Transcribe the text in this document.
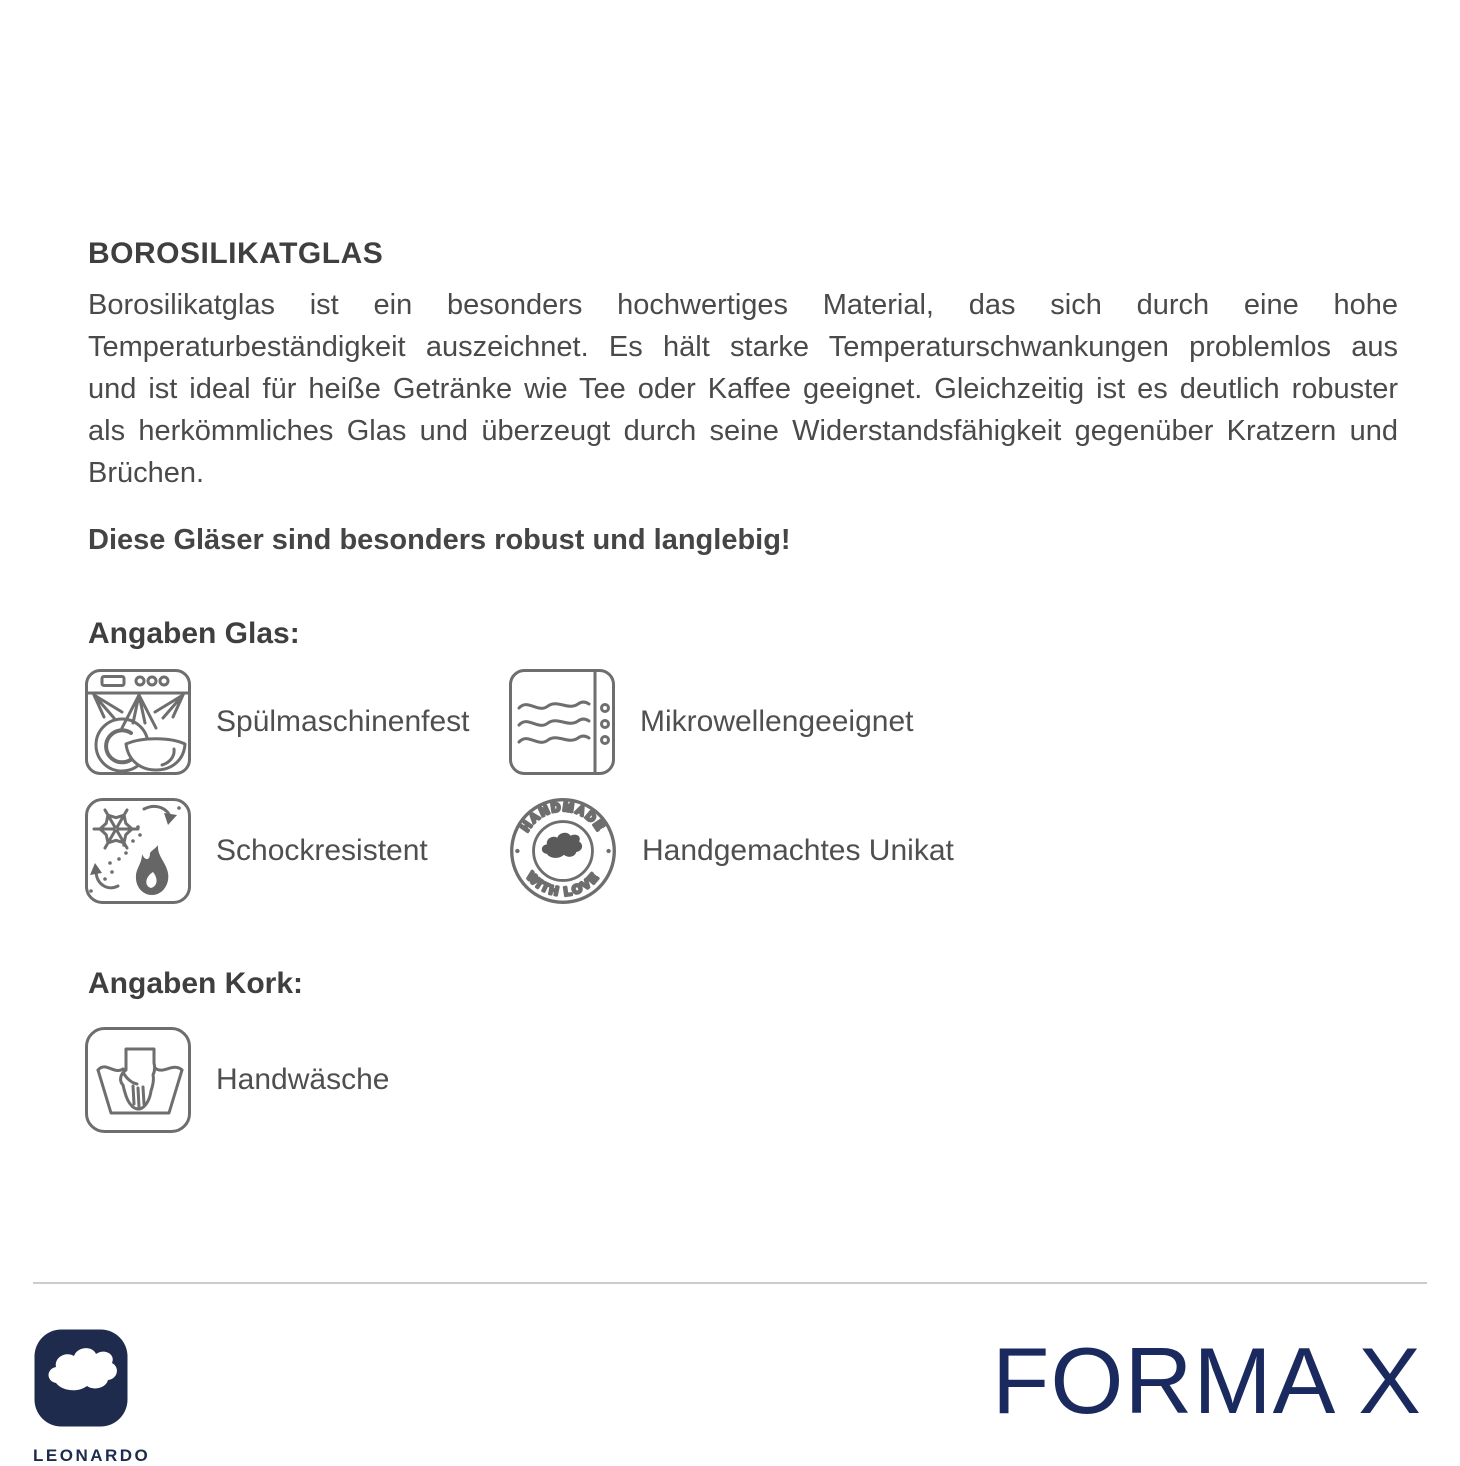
BOROSILIKATGLAS
Borosilikatglas ist ein besonders hochwertiges Material, das sich durch eine hohe
Temperaturbeständigkeit auszeichnet. Es hält starke Temperaturschwankungen problemlos aus
und ist ideal für heiße Getränke wie Tee oder Kaffee geeignet. Gleichzeitig ist es deutlich robuster
als herkömmliches Glas und überzeugt durch seine Widerstandsfähigkeit gegenüber Kratzern und
Brüchen.
Diese Gläser sind besonders robust und langlebig!
Angaben Glas:
Spülmaschinenfest	Mikrowellengeeignet
Schockresistent
HANDMADE
WITH LOVE
Handgemachtes Unikat
Angaben Kork:
Handwäsche
LEONARDO
FORMA X
